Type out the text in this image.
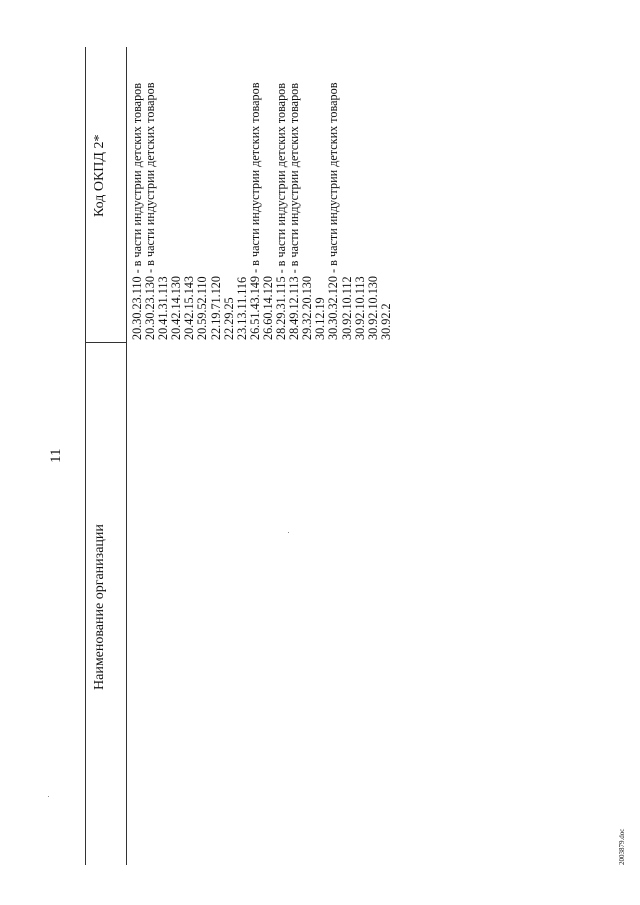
11
Наименование организации
Код ОКПД 2* 20.30.23.110 - в части индустрии детских товаров 20.30.23.130 - в части индустрии детских товаров 20.41.31.113 20.42.14.130 20.42.15.143 20.59.52.110 22.19.71.120 22.29.25 23.13.11.116 26.51.43.149 - в части индустрии детских товаров 26.60.14.120 28.29.31.115 - в части индустрии детских товаров 28.49.12.113 - в части индустрии детских товаров 29.32.20.130 30.12.19 30.30.32.120 - в части индустрии детских товаров 30.92.10.112 30.92.10.113 30.92.10.130 30.92.2
2003879.doc
